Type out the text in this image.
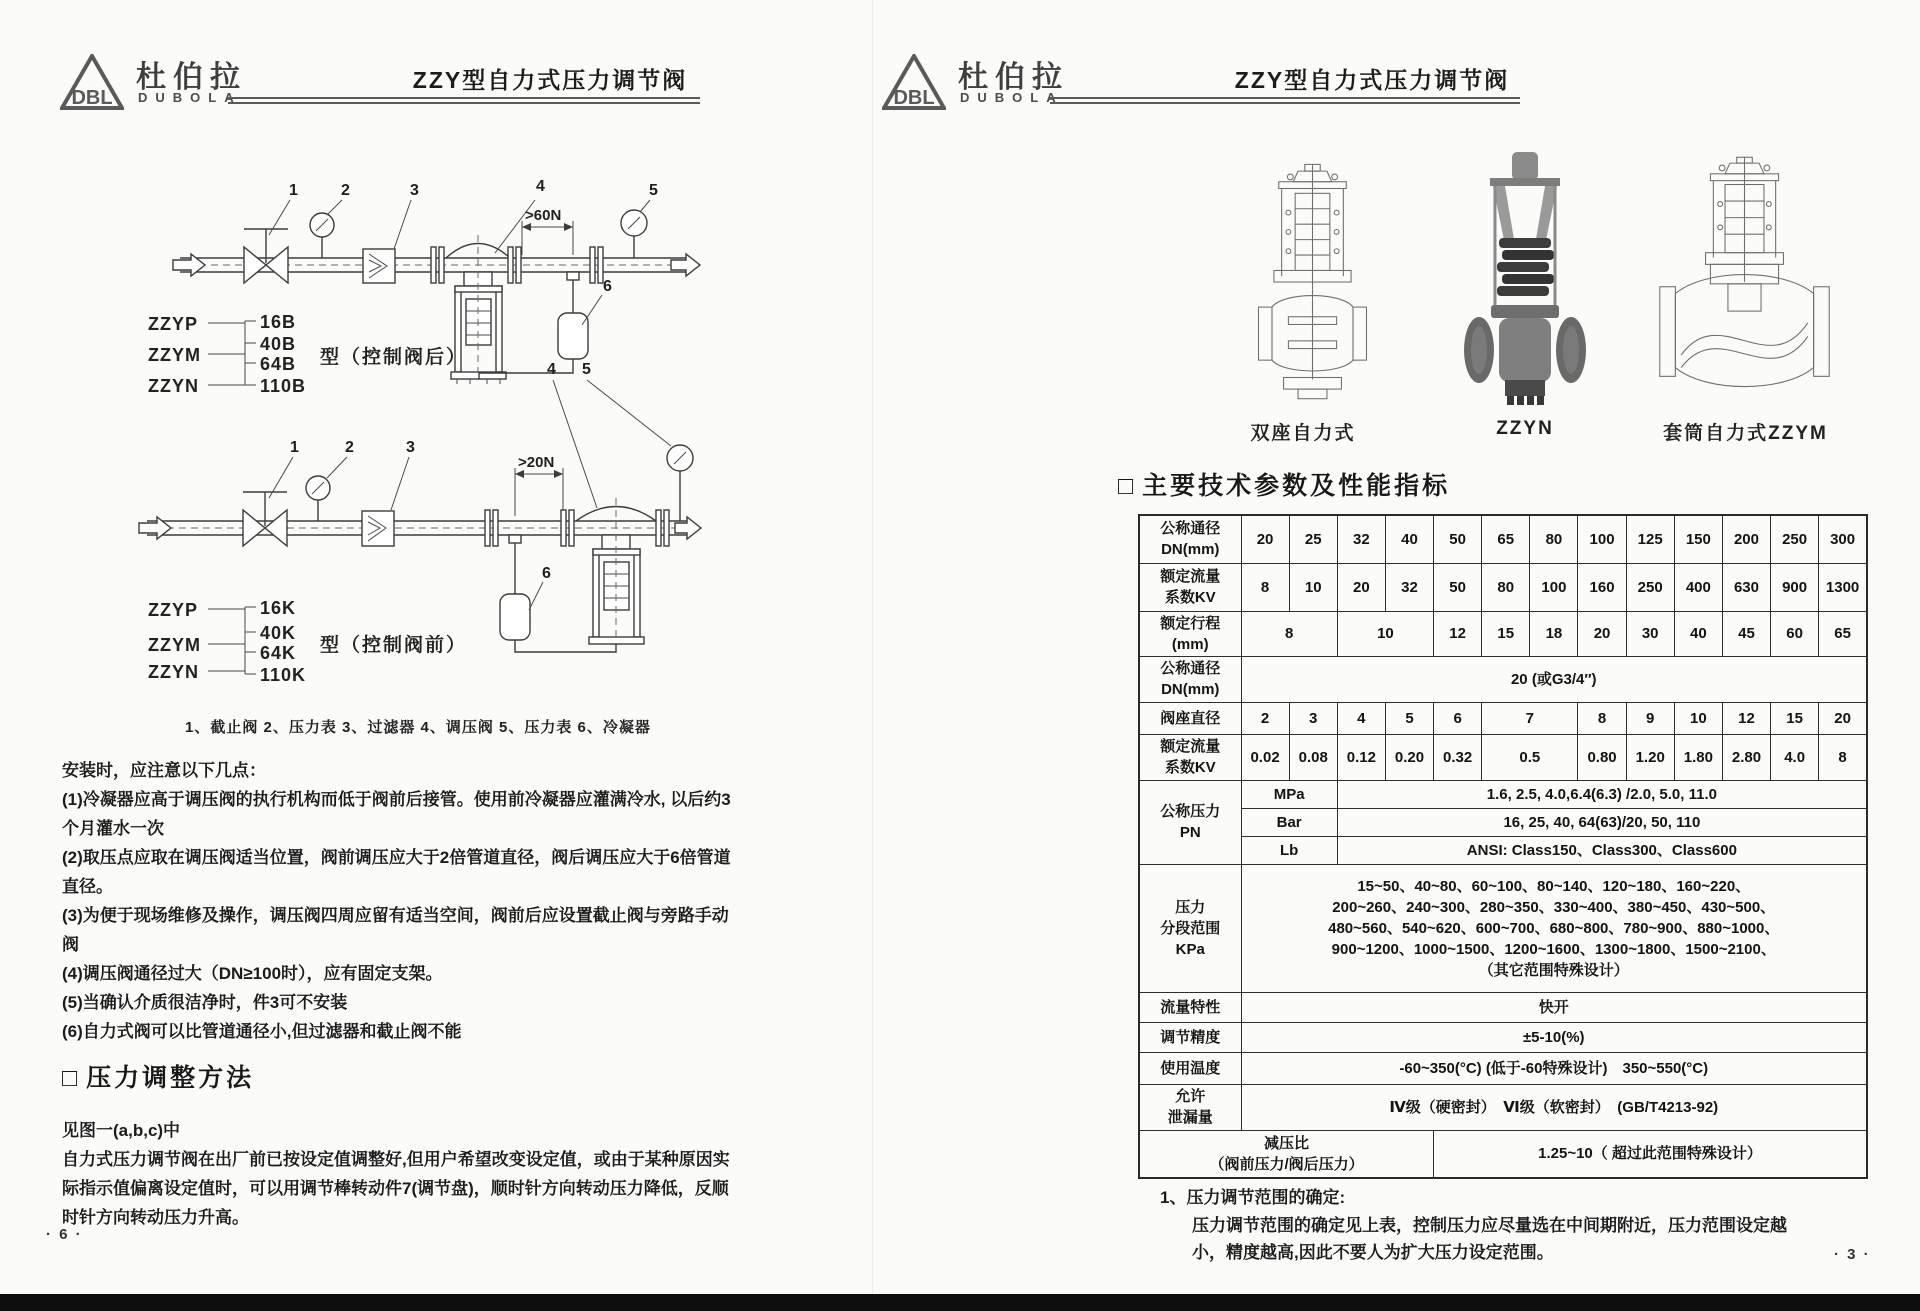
DBL
杜伯拉
DUBOLA
ZZY型自力式压力调节阀
1	2	3	4
>60N
6
5
ZZYP
ZZYM
ZZYN
16B
40B
64B
110B
型（控制阀后）
1	2	3
6
>20N
4 5
ZZYP
ZZYM
ZZYN
16K
40K
64K
110K
型（控制阀前）
1、截止阀 2、压力表 3、过滤器 4、调压阀 5、压力表 6、冷凝器
安装时，应注意以下几点：
(1)冷凝器应高于调压阀的执行机构而低于阀前后接管。使用前冷凝器应灌满冷水, 以后约3个月灌水一次
(2)取压点应取在调压阀适当位置，阀前调压应大于2倍管道直径，阀后调压应大于6倍管道直径。
(3)为便于现场维修及操作，调压阀四周应留有适当空间，阀前后应设置截止阀与旁路手动阀
(4)调压阀通径过大（DN≥100时），应有固定支架。
(5)当确认介质很洁净时，件3可不安装
(6)自力式阀可以比管道通径小,但过滤器和截止阀不能
□ 压力调整方法
见图一(a,b,c)中
自力式压力调节阀在出厂前已按设定值调整好,但用户希望改变设定值，或由于某种原因实际指示值偏离设定值时，可以用调节棒转动件7(调节盘)，顺时针方向转动压力降低，反顺时针方向转动压力升高。
· 6 ·
DBL
杜伯拉
DUBOLA
ZZY型自力式压力调节阀
双座自力式	ZZYN	套筒自力式ZZYM
□ 主要技术参数及性能指标
公称通径
DN(mm)	20	25	32	40	50	65	80	100	125	150	200	250	300
额定流量
系数KV	8	10	20	32	50	80	100	160	250	400	630	900	1300
额定行程
(mm)	8		10		12	15	18	20	30	40	45	60	65
公称通径
DN(mm)	20 (或G3/4″)												
阀座直径	2	3	4	5	6	7		8	9	10	12	15	20
额定流量
系数KV	0.02	0.08	0.12	0.20	0.32	0.5		0.80	1.20	1.80	2.80	4.0	8
公称压力
PN	MPa		1.6, 2.5, 4.0,6.4(6.3) /2.0, 5.0, 11.0										
	Bar		16, 25, 40, 64(63)/20, 50, 110										
	Lb		ANSI: Class150、Class300、Class600										
压力
分段范围
KPa	15~50、40~80、60~100、80~140、120~180、160~220、
200~260、240~300、280~350、330~400、380~450、430~500、
480~560、540~620、600~700、680~800、780~900、880~1000、
900~1200、1000~1500、1200~1600、1300~1800、1500~2100、
（其它范围特殊设计）
流量特性	快开												
调节精度	±5-10(%)												
使用温度	-60~350(°C) (低于-60特殊设计)　350~550(°C)												
允许
泄漏量	Ⅳ级（硬密封）　Ⅵ级（软密封）　(GB/T4213-92)												
减压比
（阀前压力/阀后压力）					1.25~10（ 超过此范围特殊设计）								
1、压力调节范围的确定:
压力调节范围的确定见上表，控制压力应尽量选在中间期附近，压力范围设定越
小，精度越高,因此不要人为扩大压力设定范围。	· 3 ·
